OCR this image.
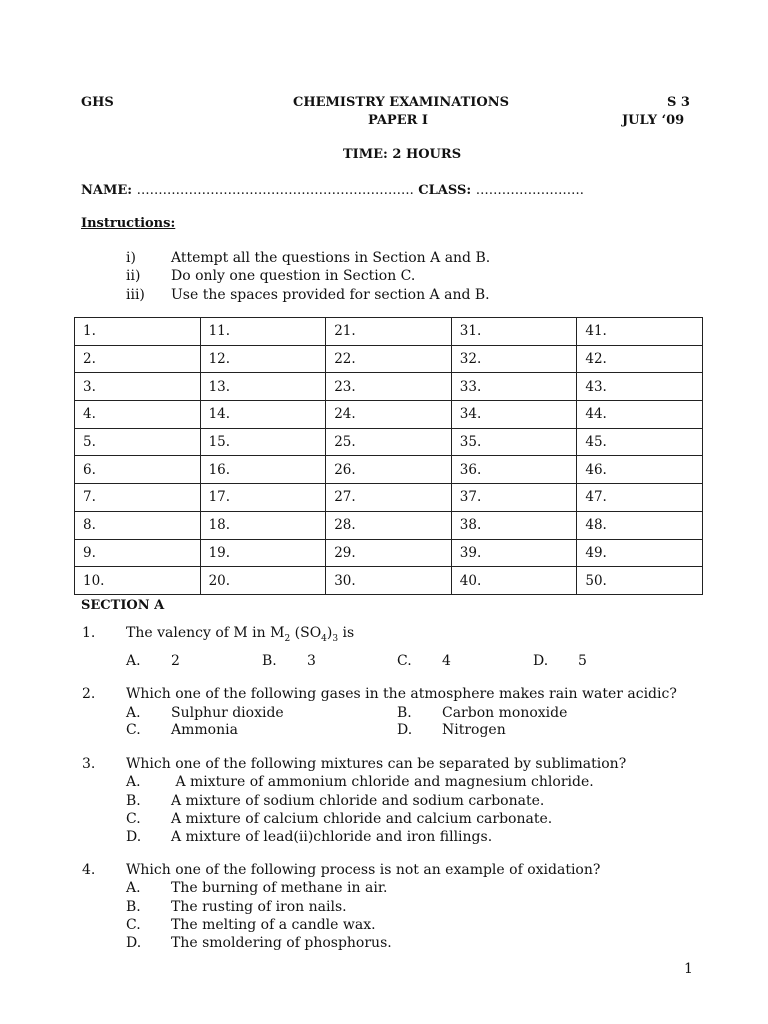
GHS	CHEMISTRY EXAMINATIONS	S 3
PAPER I	JULY ‘09
TIME: 2 HOURS
NAME: ………………………………………………………. CLASS: …………………….
Instructions:
i)	Attempt all the questions in Section A and B.
ii) Do only one question in Section C.
iii) Use the spaces provided for section A and B.
1.	11.	21.	31.	41.
2.	12.	22.	32.	42.
3.	13.	23.	33.	43.
4.	14.	24.	34.	44.
5.	15.	25.	35.	45.
6.	16.	26.	36.	46.
7.	17.	27.	37.	47.
8.	18.	28.	38.	48.
9.	19.	29.	39.	49.
10.	20.	30.	40.	50.
SECTION A
1. The valency of M in $M_2$ $(SO_4)_3$ is
A. 2	B. 3	C. 4	D. 5
2. Which one of the following gases in the atmosphere makes rain water acidic?
A. Sulphur dioxide	B. Carbon monoxide
C. Ammonia	D. Nitrogen
3. Which one of the following mixtures can be separated by sublimation?
A. A mixture of ammonium chloride and magnesium chloride.
B. A mixture of sodium chloride and sodium carbonate.
C. A mixture of calcium chloride and calcium carbonate.
D. A mixture of lead(ii)chloride and iron fillings.
4. Which one of the following process is not an example of oxidation?
A. The burning of methane in air.
B. The rusting of iron nails.
C. The melting of a candle wax.
D. The smoldering of phosphorus.
1
